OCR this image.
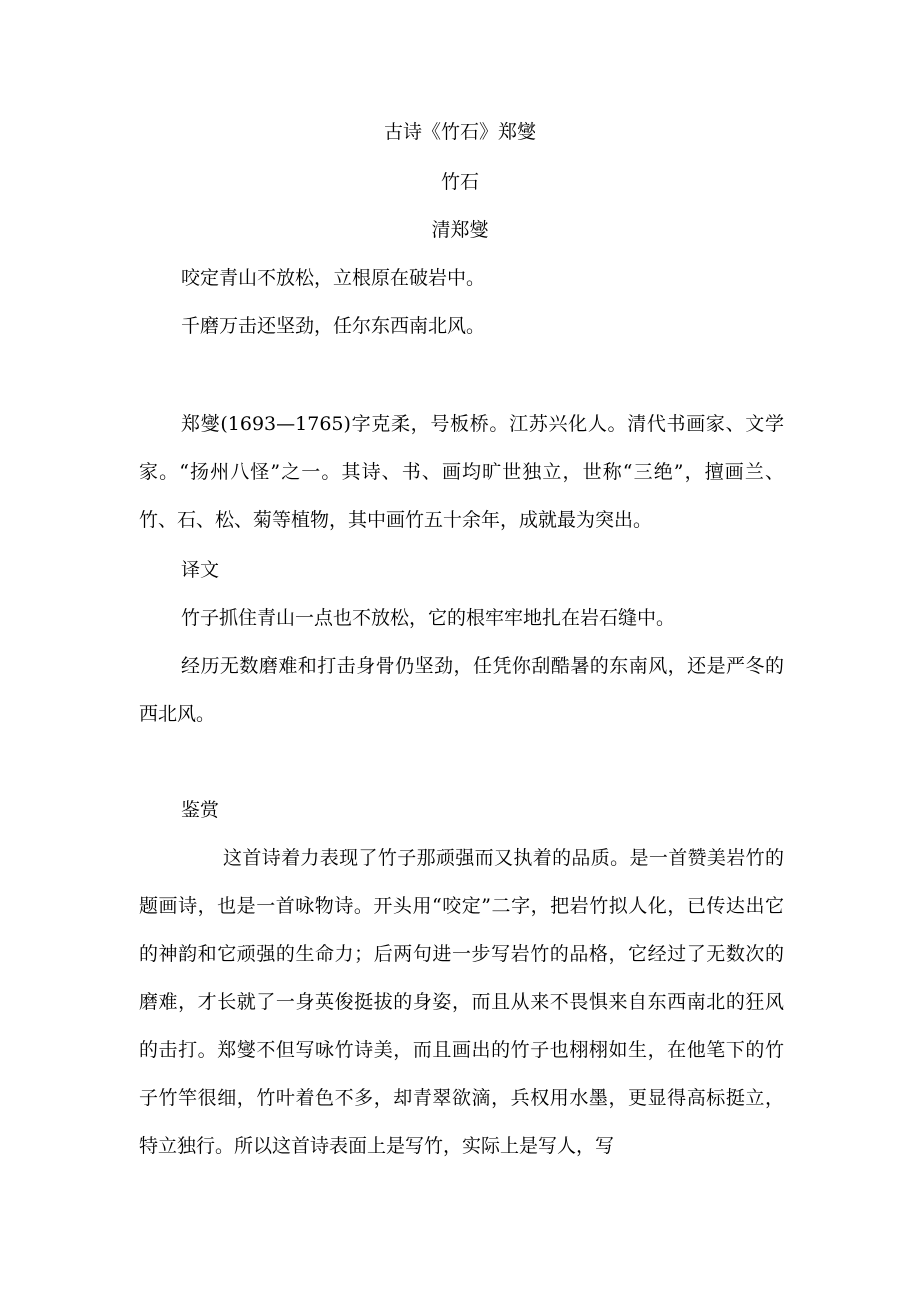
古诗《竹石》郑燮
竹石
清郑燮
咬定青山不放松，立根原在破岩中。
千磨万击还坚劲，任尔东西南北风。
郑燮(1693—1765)字克柔，号板桥。江苏兴化人。清代书画家、文学家。“扬州八怪”之一。其诗、书、画均旷世独立，世称“三绝”，擅画兰、竹、石、松、菊等植物，其中画竹五十余年，成就最为突出。
译文
竹子抓住青山一点也不放松，它的根牢牢地扎在岩石缝中。
经历无数磨难和打击身骨仍坚劲，任凭你刮酷暑的东南风，还是严冬的西北风。
鉴赏
这首诗着力表现了竹子那顽强而又执着的品质。是一首赞美岩竹的题画诗，也是一首咏物诗。开头用“咬定”二字，把岩竹拟人化，已传达出它的神韵和它顽强的生命力；后两句进一步写岩竹的品格，它经过了无数次的磨难，才长就了一身英俊挺拔的身姿，而且从来不畏惧来自东西南北的狂风的击打。郑燮不但写咏竹诗美，而且画出的竹子也栩栩如生，在他笔下的竹子竹竿很细，竹叶着色不多，却青翠欲滴，兵权用水墨，更显得高标挺立，特立独行。所以这首诗表面上是写竹，实际上是写人，写
